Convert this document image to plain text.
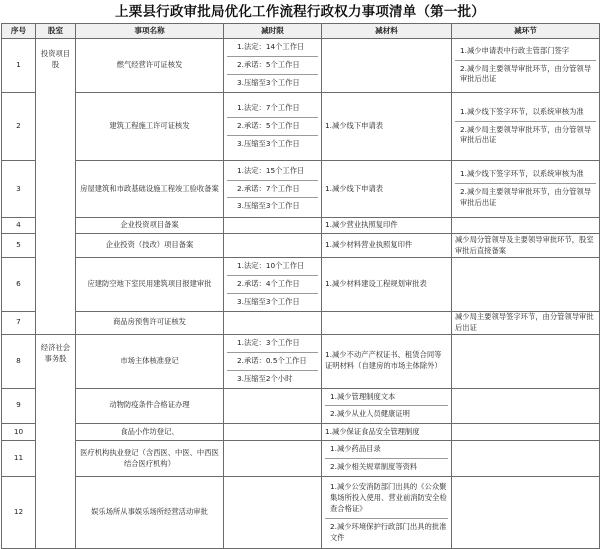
上栗县行政审批局优化工作流程行政权力事项清单（第一批）
序号	股室	事项名称	减时限	减材料	减环节
1	投资项目股	燃气经营许可证核发	1.法定：14个工作日
2.承诺：5个工作日
3.压缩至3个工作日		1.减少申请表中行政主管部门签字
2.减少局主要领导审批环节，由分管领导审批后出证

2		建筑工程施工许可证核发	1.法定：7个工作日
2.承诺：5个工作日
3.压缩至3个工作日	1.减少线下申请表	1.减少线下签字环节，以系统审核为准
2.减少局主要领导审批环节，由分管领导审批后出证

3		房屋建筑和市政基础设施工程竣工验收备案	1.法定：15个工作日
2.承诺：7个工作日
3.压缩至3个工作日	1.减少线下申请表	1.减少线下签字环节，以系统审核为准
2.减少局主要领导审批环节，由分管领导审批后出证

4		企业投资项目备案		1.减少营业执照复印件	
5		企业投资（技改）项目备案		1.减少材料营业执照复印件	减少局分管领导及主要领导审批环节，股室审批后直接备案
6		应建防空地下室民用建筑项目报建审批	1.法定：10个工作日
2.承诺：4个工作日
3.压缩至3个工作日	1.减少材料建设工程规划审批表	
7		商品房预售许可证核发			减少局主要领导签字环节，由分管领导审批后出证
8	经济社会事务股	市场主体核准登记	1.法定：3个工作日
2.承诺：0.5个工作日
3.压缩至2个小时	1.减少不动产产权证书、租赁合同等证明材料（自建房的市场主体除外）	
9		动物防疫条件合格证办理		1.减少管理制度文本
2.减少从业人员健康证明	

10		食品小作坊登记、		1.减少保证食品安全管理制度	
11		医疗机构执业登记（含西医、中医、中西医结合医疗机构）		1.减少药品目录
2.减少相关规章制度等资料	

12		娱乐场所从事娱乐场所经营活动审批		1.减少公安消防部门出具的《公众聚集场所投入使用、营业前消防安全检查合格证》
2.减少环境保护行政部门出具的批准文件	
